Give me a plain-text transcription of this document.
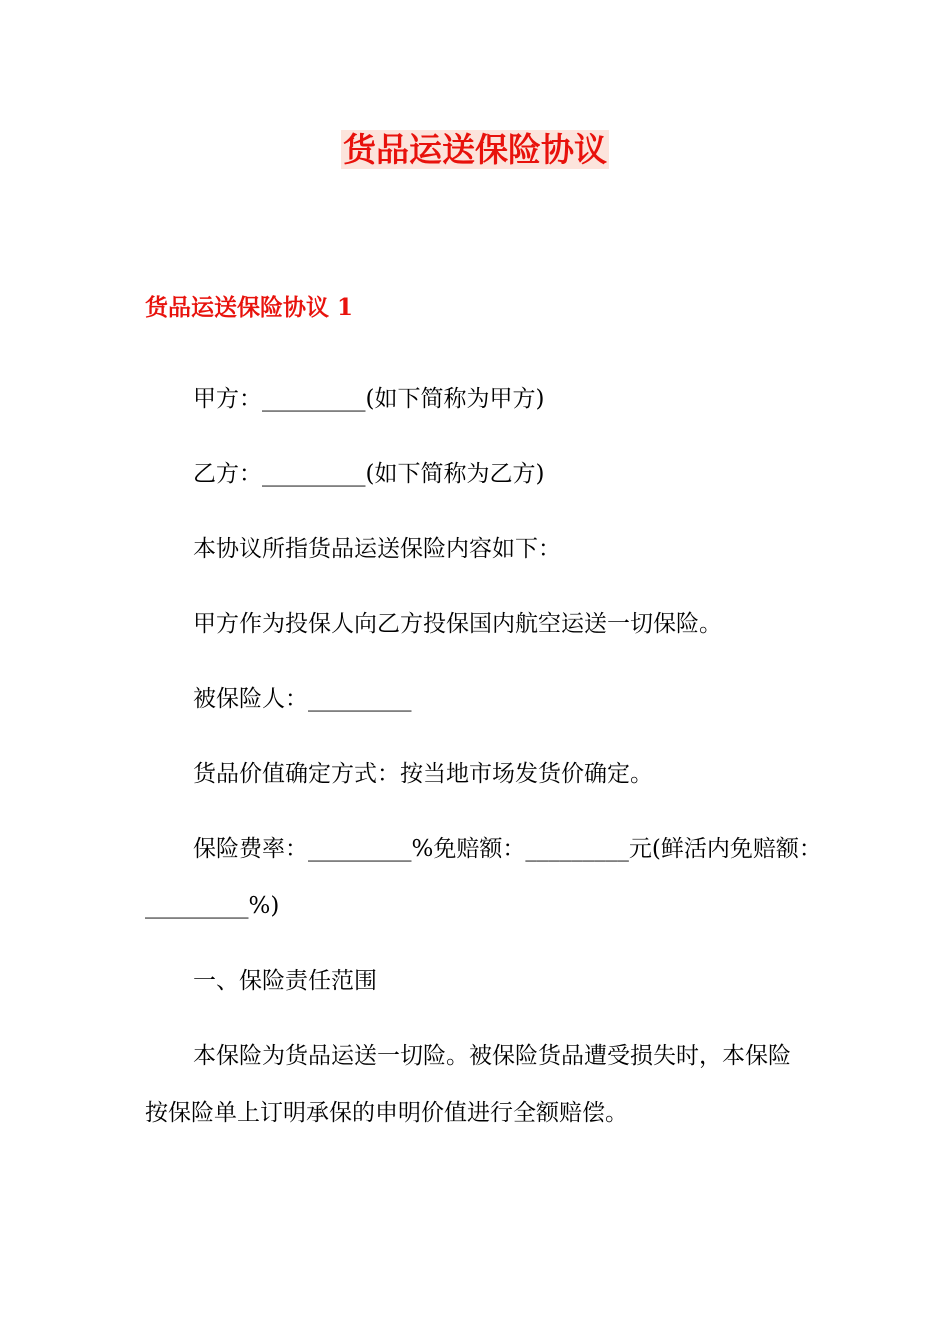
货品运送保险协议
货品运送保险协议 1

甲方：_________(如下简称为甲方)

乙方：_________(如下简称为乙方)

本协议所指货品运送保险内容如下：

甲方作为投保人向乙方投保国内航空运送一切保险。

被保险人：_________

货品价值确定方式：按当地市场发货价确定。

保险费率：_________%免赔额：_________元(鲜活内免赔额：

_________%)

一、保险责任范围

本保险为货品运送一切险。被保险货品遭受损失时，本保险

按保险单上订明承保的申明价值进行全额赔偿。
